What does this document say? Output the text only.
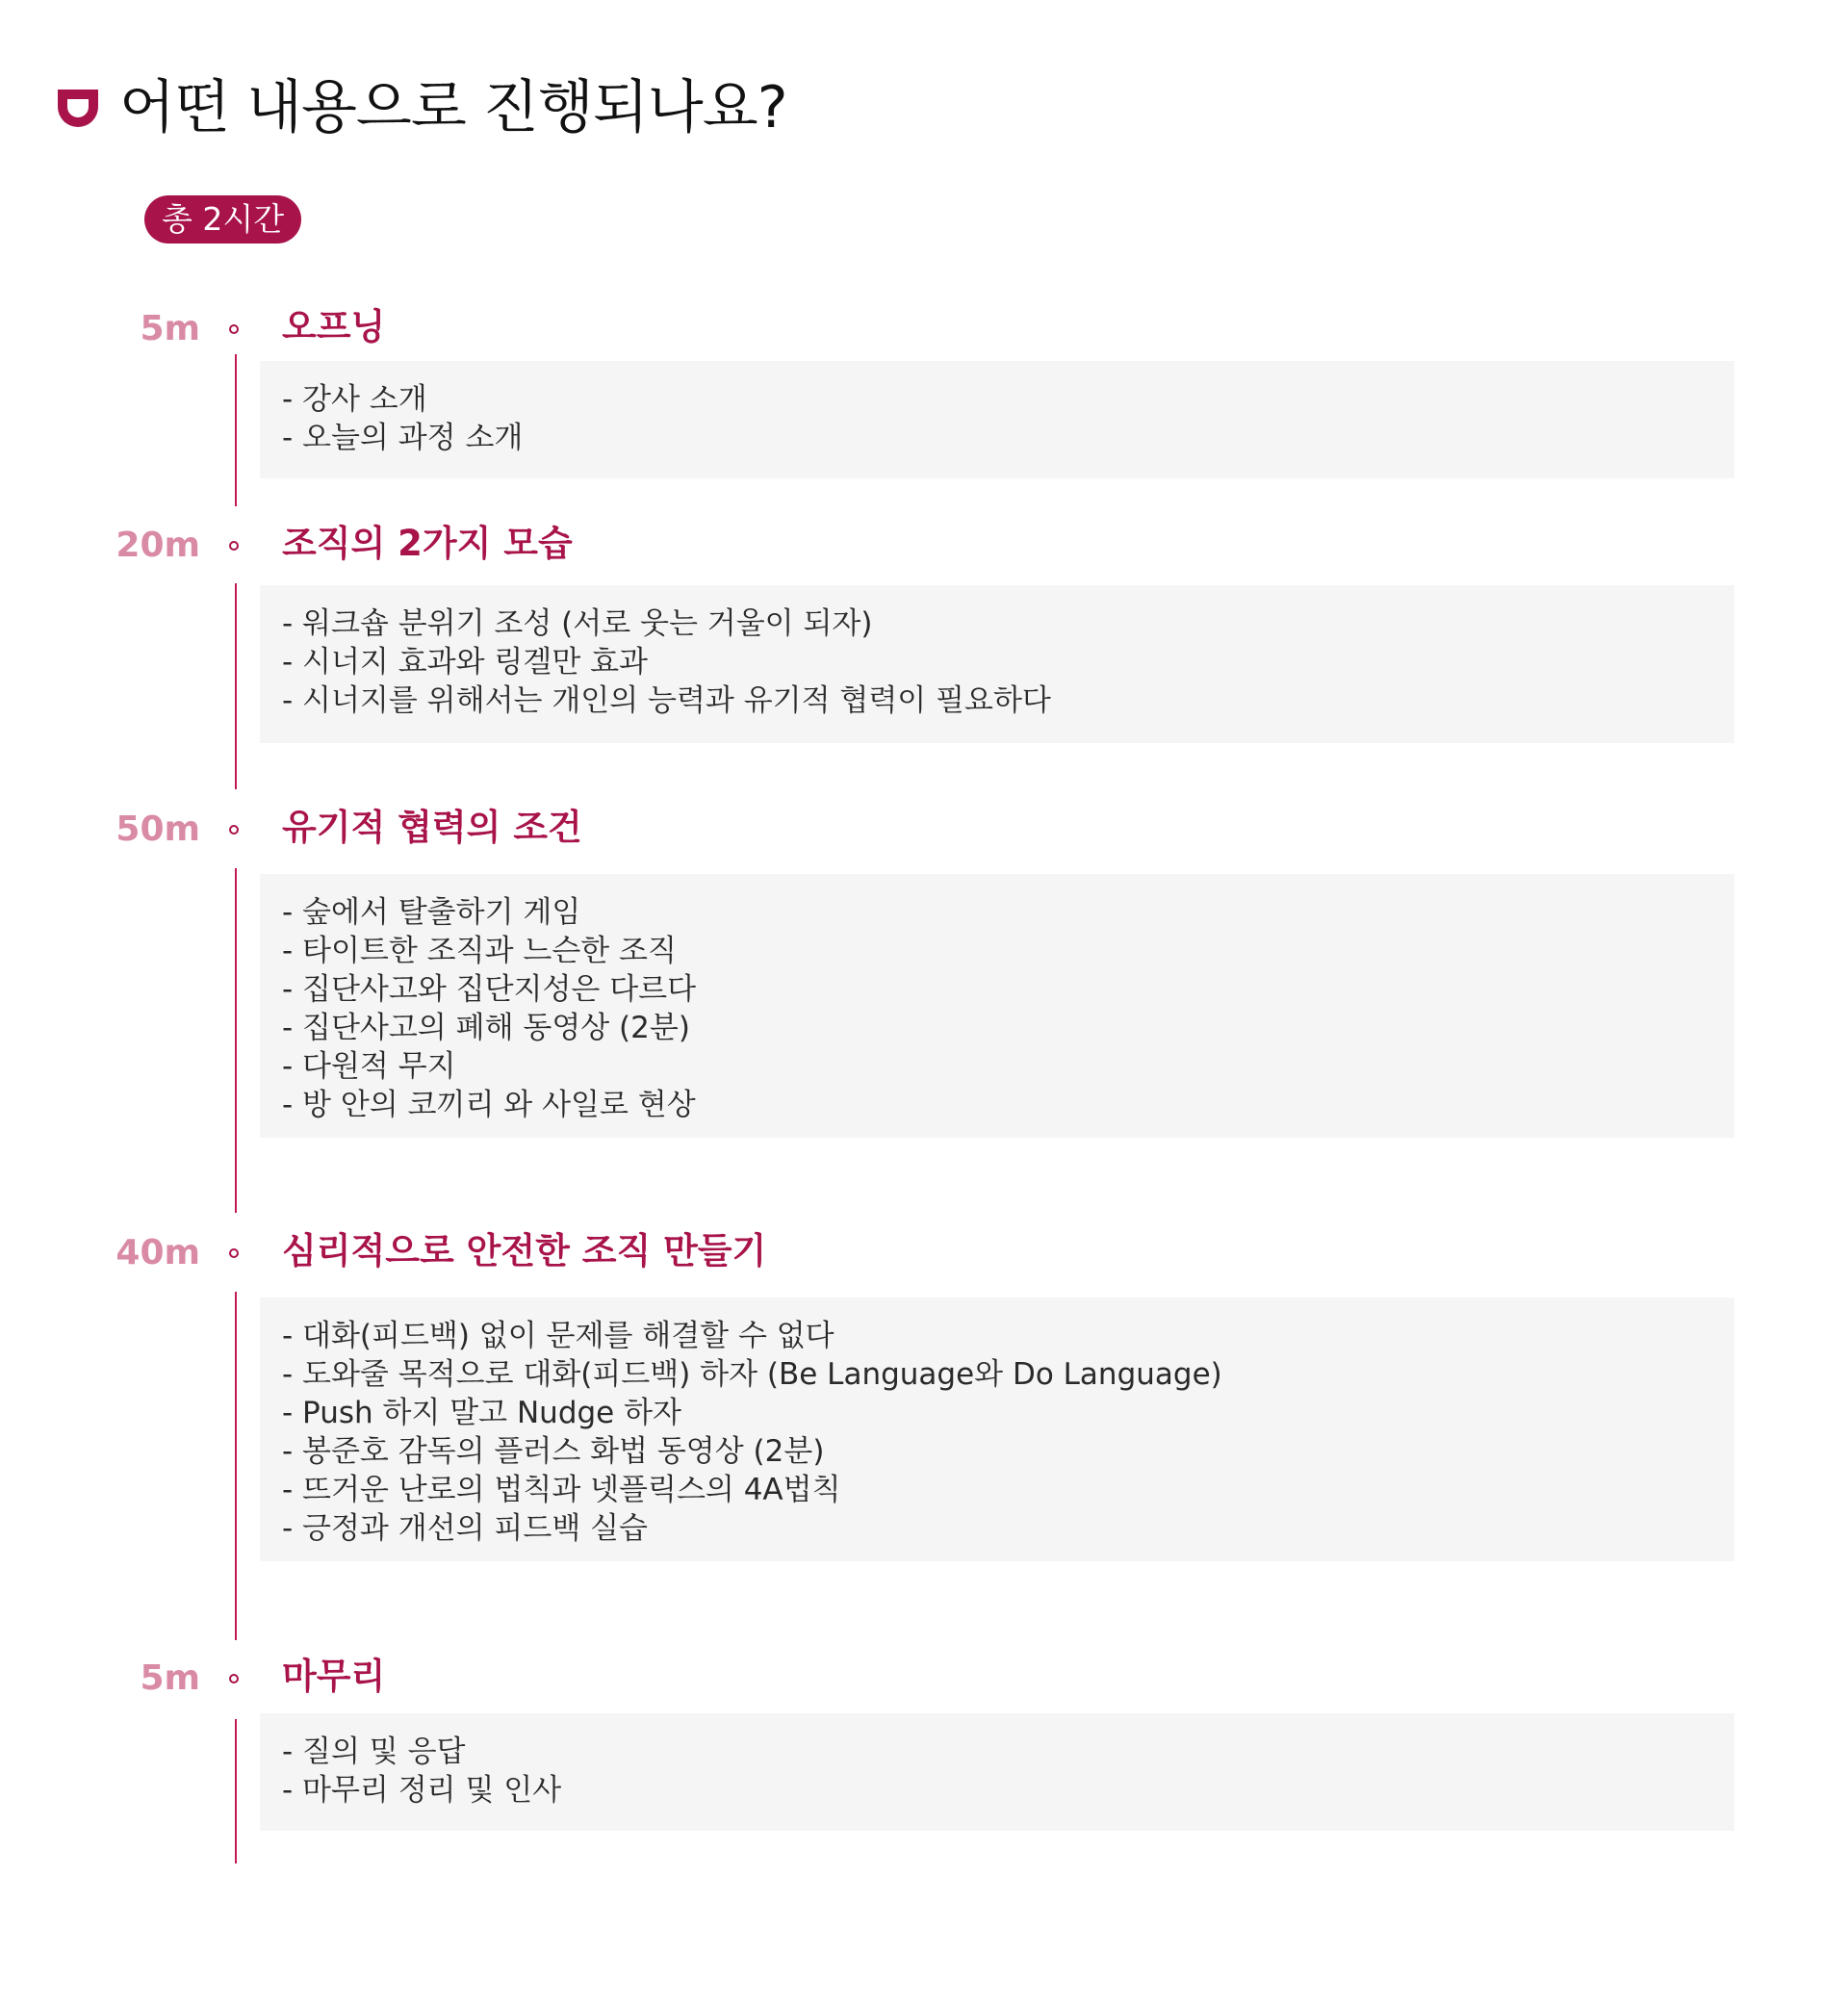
어떤 내용으로 진행되나요?
총 2시간
5m 오프닝
- 강사 소개
- 오늘의 과정 소개
20m 조직의 2가지 모습
- 워크숍 분위기 조성 (서로 웃는 거울이 되자)
- 시너지 효과와 링겔만 효과
- 시너지를 위해서는 개인의 능력과 유기적 협력이 필요하다
50m 유기적 협력의 조건
- 숲에서 탈출하기 게임
- 타이트한 조직과 느슨한 조직
- 집단사고와 집단지성은 다르다
- 집단사고의 폐해 동영상 (2분)
- 다원적 무지
- 방 안의 코끼리 와 사일로 현상
40m 심리적으로 안전한 조직 만들기
- 대화(피드백) 없이 문제를 해결할 수 없다
- 도와줄 목적으로 대화(피드백) 하자 (Be Language와 Do Language)
- Push 하지 말고 Nudge 하자
- 봉준호 감독의 플러스 화법 동영상 (2분)
- 뜨거운 난로의 법칙과 넷플릭스의 4A법칙
- 긍정과 개선의 피드백 실습
5m 마무리
- 질의 및 응답
- 마무리 정리 및 인사
